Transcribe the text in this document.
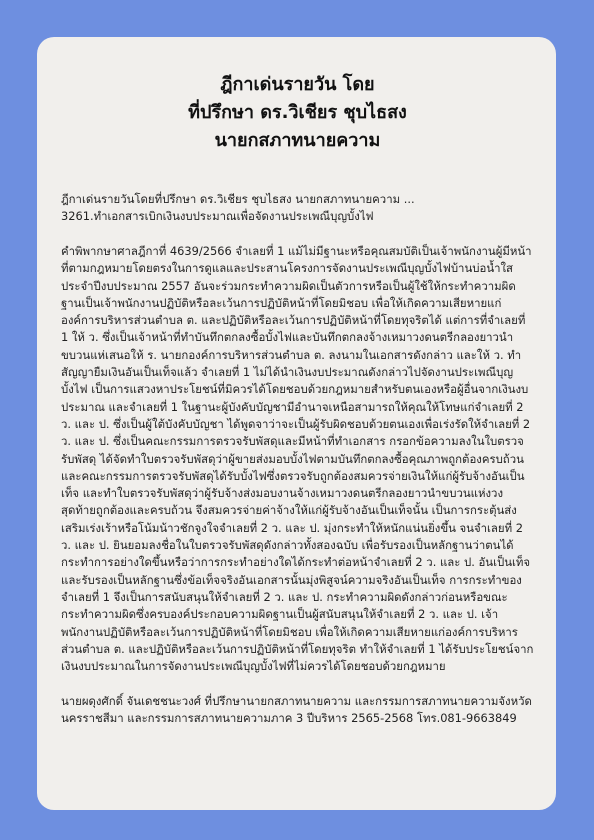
ฎีกาเด่นรายวัน โดย

ที่ปรึกษา ดร.วิเชียร ชุบไธสง

นายกสภาทนายความ

ฎีกาเด่นรายวันโดยที่ปรึกษา ดร.วิเชียร ชุบไธสง นายกสภาทนายความ ...
3261.ทำเอกสารเบิกเงินงบประมาณเพื่อจัดงานประเพณีบุญบั้งไฟ

คำพิพากษาศาลฎีกาที่ 4639/2566 จำเลยที่ 1 แม้ไม่มีฐานะหรือคุณสมบัติเป็นเจ้าพนักงานผู้มีหน้าที่ตามกฎหมายโดยตรงในการดูแลและประสานโครงการจัดงานประเพณีบุญบั้งไฟบ้านบ่อน้ำใส ประจำปีงบประมาณ 2557 อันจะร่วมกระทำความผิดเป็นตัวการหรือเป็นผู้ใช้ให้กระทำความผิดฐานเป็นเจ้าพนักงานปฏิบัติหรือละเว้นการปฏิบัติหน้าที่โดยมิชอบ เพื่อให้เกิดความเสียหายแก่องค์การบริหารส่วนตำบล ต. และปฏิบัติหรือละเว้นการปฏิบัติหน้าที่โดยทุจริตได้ แต่การที่จำเลยที่ 1 ให้ ว. ซึ่งเป็นเจ้าหน้าที่ทำบันทึกตกลงซื้อบั้งไฟและบันทึกตกลงจ้างเหมาวงดนตรีกลองยาวนำขบวนแห่เสนอให้ ร. นายกองค์การบริหารส่วนตำบล ต. ลงนามในเอกสารดังกล่าว และให้ ว. ทำสัญญายืมเงินอันเป็นเท็จแล้ว จำเลยที่ 1 ไม่ได้นำเงินงบประมาณดังกล่าวไปจัดงานประเพณีบุญบั้งไฟ เป็นการแสวงหาประโยชน์ที่มิควรได้โดยชอบด้วยกฎหมายสำหรับตนเองหรือผู้อื่นจากเงินงบประมาณ และจำเลยที่ 1 ในฐานะผู้บังคับบัญชามีอำนาจเหนือสามารถให้คุณให้โทษแก่จำเลยที่ 2 ว. และ ป. ซึ่งเป็นผู้ใต้บังคับบัญชา ได้พูดจาว่าจะเป็นผู้รับผิดชอบด้วยตนเองเพื่อเร่งรัดให้จำเลยที่ 2 ว. และ ป. ซึ่งเป็นคณะกรรมการตรวจรับพัสดุและมีหน้าที่ทำเอกสาร กรอกข้อความลงในใบตรวจรับพัสดุ ได้จัดทำใบตรวจรับพัสดุว่าผู้ขายส่งมอบบั้งไฟตามบันทึกตกลงซื้อคุณภาพถูกต้องครบถ้วนและคณะกรรมการตรวจรับพัสดุได้รับบั้งไฟซึ่งตรวจรับถูกต้องสมควรจ่ายเงินให้แก่ผู้รับจ้างอันเป็นเท็จ และทำใบตรวจรับพัสดุว่าผู้รับจ้างส่งมอบงานจ้างเหมาวงดนตรีกลองยาวนำขบวนแห่งวงสุดท้ายถูกต้องและครบถ้วน จึงสมควรจ่ายค่าจ้างให้แก่ผู้รับจ้างอันเป็นเท็จนั้น เป็นการกระตุ้นส่งเสริมเร่งเร้าหรือโน้มน้าวชักจูงใจจำเลยที่ 2 ว. และ ป. มุ่งกระทำให้หนักแน่นยิ่งขึ้น จนจำเลยที่ 2 ว. และ ป. ยินยอมลงชื่อในใบตรวจรับพัสดุดังกล่าวทั้งสองฉบับ เพื่อรับรองเป็นหลักฐานว่าตนได้กระทำการอย่างใดขึ้นหรือว่าการกระทำอย่างใดได้กระทำต่อหน้าจำเลยที่ 2 ว. และ ป. อันเป็นเท็จและรับรองเป็นหลักฐานซึ่งข้อเท็จจริงอันเอกสารนั้นมุ่งพิสูจน์ความจริงอันเป็นเท็จ การกระทำของจำเลยที่ 1 จึงเป็นการสนับสนุนให้จำเลยที่ 2 ว. และ ป. กระทำความผิดดังกล่าวก่อนหรือขณะกระทำความผิดซึ่งครบองค์ประกอบความผิดฐานเป็นผู้สนับสนุนให้จำเลยที่ 2 ว. และ ป. เจ้าพนักงานปฏิบัติหรือละเว้นการปฏิบัติหน้าที่โดยมิชอบ เพื่อให้เกิดความเสียหายแก่องค์การบริหารส่วนตำบล ต. และปฏิบัติหรือละเว้นการปฏิบัติหน้าที่โดยทุจริต ทำให้จำเลยที่ 1 ได้รับประโยชน์จากเงินงบประมาณในการจัดงานประเพณีบุญบั้งไฟที่ไม่ควรได้โดยชอบด้วยกฎหมาย

นายผดุงศักดิ์ จันเดชชนะวงศ์ ที่ปรึกษานายกสภาทนายความ และกรรมการสภาทนายความจังหวัดนครราชสีมา และกรรมการสภาทนายความภาค 3 ปีบริหาร 2565-2568 โทร.081-9663849
